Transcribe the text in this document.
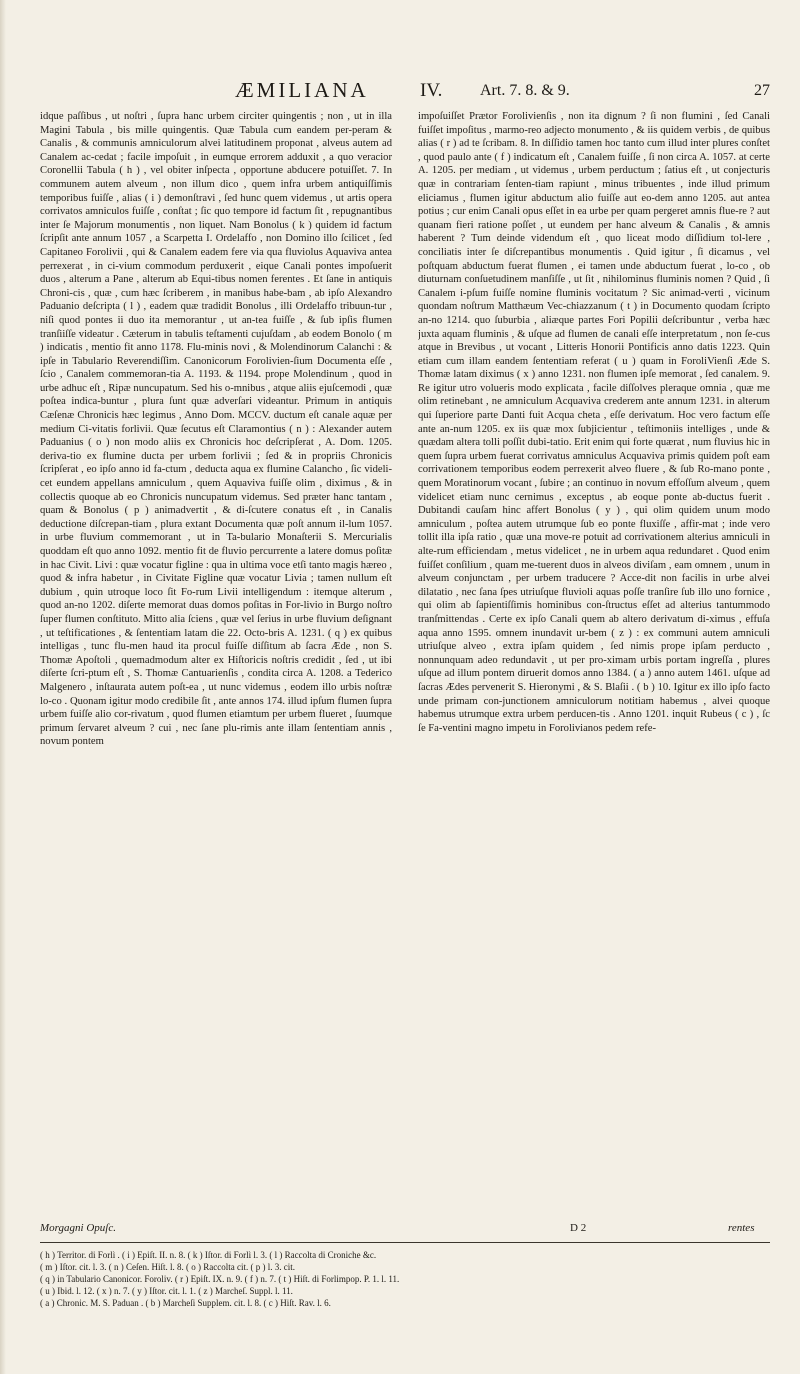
ÆMILIANA	IV. Art. 7. 8. & 9.	27

idque paſſibus , ut noſtri , ſupra hanc urbem circiter quingentis ; non , ut in illa Magini Tabula , bis mille quingentis. Quæ Tabula cum eandem per-peram & Canalis , & communis amniculorum alvei latitudinem proponat , alveus autem ad Canalem ac-cedat ; facile impoſuit , in eumque errorem adduxit , a quo veracior Coronellii Tabula ( h ) , vel obiter inſpecta , opportune abducere potuiſſet. 7. In communem autem alveum , non illum dico , quem infra urbem antiquiſſimis temporibus fuiſſe , alias ( i ) demonſtravi , ſed hunc quem videmus , ut artis opera corrivatos amniculos fuiſſe , conſtat ; ſic quo tempore id factum ſit , repugnantibus inter ſe Majorum monumentis , non liquet. Nam Bonolus ( k ) quidem id factum ſcripſit ante annum 1057 , a Scarpetta I. Ordelaffo , non Domino illo ſcilicet , ſed Capitaneo Forolivii , qui & Canalem eadem fere via qua fluviolus Aquaviva antea perrexerat , in ci-vium commodum perduxerit , eique Canali pontes impoſuerit duos , alterum a Pane , alterum ab Equi-tibus nomen ferentes . Et ſane in antiquis Chroni-cis , quæ , cum hæc ſcriberem , in manibus habe-bam , ab ipſo Alexandro Paduanio deſcripta ( l ) , eadem quæ tradidit Bonolus , illi Ordelaffo tribuun-tur , niſi quod pontes ii duo ita memorantur , ut an-tea fuiſſe , & ſub ipſis flumen tranſiiſſe videatur . Cæterum in tabulis teſtamenti cujuſdam , ab eodem Bonolo ( m ) indicatis , mentio fit anno 1178. Flu-minis novi , & Molendinorum Calanchi : & ipſe in Tabulario Reverendiſſim. Canonicorum Forolivien-ſium Documenta eſſe , ſcio , Canalem commemoran-tia A. 1193. & 1194. prope Molendinum , quod in urbe adhuc eſt , Ripæ nuncupatum. Sed his o-mnibus , atque aliis ejuſcemodi , quæ poſtea indica-buntur , plura ſunt quæ adverſari videantur. Primum in antiquis Cæſenæ Chronicis hæc legimus , Anno Dom. MCCV. ductum eſt canale aquæ per medium Ci-vitatis forlivii. Quæ ſecutus eſt Claramontius ( n ) : Alexander autem Paduanius ( o ) non modo aliis ex Chronicis hoc deſcripſerat , A. Dom. 1205. deriva-tio ex flumine ducta per urbem forlivii ; ſed & in propriis Chronicis ſcripſerat , eo ipſo anno id fa-ctum , deducta aqua ex flumine Calancho , ſic videli-cet eundem appellans amniculum , quem Aquaviva fuiſſe olim , diximus , & in collectis quoque ab eo Chronicis nuncupatum videmus. Sed præter hanc tantam , quam & Bonolus ( p ) animadvertit , & di-ſcutere conatus eſt , in Canalis deductione diſcrepan-tiam , plura extant Documenta quæ poſt annum il-lum 1057. in urbe fluvium commemorant , ut in Ta-bulario Monaſterii S. Mercurialis quoddam eſt quo anno 1092. mentio fit de fluvio percurrente a latere domus poſitæ in hac Civit. Livi : quæ vocatur figline : qua in ultima voce etſi tanto magis hæreo , quod & infra habetur , in Civitate Figline quæ vocatur Livia ; tamen nullum eſt dubium , quin utroque loco ſit Fo-rum Livii intelligendum : itemque alterum , quod an-no 1202. diſerte memorat duas domos poſitas in For-livio in Burgo noſtro ſuper flumen conſtituto. Mitto alia ſciens , quæ vel ſerius in urbe fluvium deſignant , ut teſtificationes , & ſententiam latam die 22. Octo-bris A. 1231. ( q ) ex quibus intelligas , tunc flu-men haud ita procul fuiſſe diſſitum ab ſacra Æde , non S. Thomæ Apoſtoli , quemadmodum alter ex Hiſtoricis noſtris credidit , ſed , ut ibi diſerte ſcri-ptum eſt , S. Thomæ Cantuarienſis , condita circa A. 1208. a Tederico Malgenero , inſtaurata autem poſt-ea , ut nunc videmus , eodem illo urbis noſtræ lo-co . Quonam igitur modo credibile ſit , ante annos 174. illud ipſum flumen ſupra urbem fuiſſe alio cor-rivatum , quod flumen etiamtum per urbem flueret , ſuumque primum ſervaret alveum ? cui , nec ſane plu-rimis ante illam ſententiam annis , novum pontem

impoſuiſſet Prætor Forolivienſis , non ita dignum ? ſi non flumini , ſed Canali fuiſſet impoſitus , marmo-reo adjecto monumento , & iis quidem verbis , de quibus alias ( r ) ad te ſcribam. 8. In diſſidio tamen hoc tanto cum illud inter plures conſtet , quod paulo ante ( f ) indicatum eſt , Canalem fuiſſe , ſi non circa A. 1057. at certe A. 1205. per mediam , ut videmus , urbem perductum ; ſatius eſt , ut conjecturis quæ in contrariam ſenten-tiam rapiunt , minus tribuentes , inde illud primum eliciamus , flumen igitur abductum alio fuiſſe aut eo-dem anno 1205. aut antea potius ; cur enim Canali opus eſſet in ea urbe per quam pergeret amnis flue-re ? aut quanam fieri ratione poſſet , ut eundem per hanc alveum & Canalis , & amnis haberent ? Tum deinde videndum eſt , quo liceat modo diſſidium tol-lere , conciliatis inter ſe diſcrepantibus monumentis . Quid igitur , ſi dicamus , vel poſtquam abductum fuerat flumen , ei tamen unde abductum fuerat , lo-co , ob diuturnam conſuetudinem manſiſſe , ut ſit , nihilominus fluminis nomen ? Quid , ſi Canalem i-pſum fuiſſe nomine fluminis vocitatum ? Sic animad-verti , vicinum quondam noſtrum Matthæum Vec-chiazzanum ( t ) in Documento quodam ſcripto an-no 1214. quo ſuburbia , aliæque partes Fori Popilii deſcribuntur , verba hæc juxta aquam fluminis , & uſque ad flumen de canali eſſe interpretatum , non ſe-cus atque in Brevibus , ut vocant , Litteris Honorii Pontificis anno datis 1223. Quin etiam cum illam eandem ſententiam referat ( u ) quam in ForoliVienſi Æde S. Thomæ latam diximus ( x ) anno 1231. non flumen ipſe memorat , ſed canalem. 9. Re igitur utro volueris modo explicata , facile diſſolves pleraque omnia , quæ me olim retinebant , ne amniculum Acquaviva crederem ante annum 1231. in alterum qui ſuperiore parte Danti fuit Acqua cheta , eſſe derivatum. Hoc vero factum eſſe ante an-num 1205. ex iis quæ mox ſubjicientur , teſtimoniis intelliges , unde & quædam altera tolli poſſit dubi-tatio. Erit enim qui forte quærat , num fluvius hic in quem ſupra urbem fuerat corrivatus amniculus Acquaviva primis quidem poſt eam corrivationem temporibus eodem perrexerit alveo fluere , & ſub Ro-mano ponte , quem Moratinorum vocant , ſubire ; an continuo in novum effoſſum alveum , quem videlicet etiam nunc cernimus , exceptus , ab eoque ponte ab-ductus fuerit . Dubitandi cauſam hinc affert Bonolus ( y ) , qui olim quidem unum modo amniculum , poſtea autem utrumque ſub eo ponte fluxiſſe , affir-mat ; inde vero tollit illa ipſa ratio , quæ una move-re potuit ad corrivationem alterius amniculi in alte-rum efficiendam , metus videlicet , ne in urbem aqua redundaret . Quod enim fuiſſet conſilium , quam me-tuerent duos in alveos diviſam , eam omnem , unum in alveum conjunctam , per urbem traducere ? Acce-dit non facilis in urbe alvei dilatatio , nec ſana ſpes utriuſque fluvioli aquas poſſe tranſire ſub illo uno fornice , qui olim ab ſapientiſſimis hominibus con-ſtructus eſſet ad alterius tantummodo tranſmittendas . Certe ex ipſo Canali quem ab altero derivatum di-ximus , effuſa aqua anno 1595. omnem inundavit ur-bem ( z ) : ex communi autem amniculi utriuſque alveo , extra ipſam quidem , ſed nimis prope ipſam perducto , nonnunquam adeo redundavit , ut per pro-ximam urbis portam ingreſſa , plures uſque ad illum pontem diruerit domos anno 1384. ( a ) anno autem 1461. uſque ad ſacras Ædes pervenerit S. Hieronymi , & S. Blaſii . ( b ) 10. Igitur ex illo ipſo facto unde primam con-junctionem amniculorum notitiam habemus , alvei quoque habemus utrumque extra urbem perducen-tis . Anno 1201. inquit Rubeus ( c ) , ſc ſe Fa-ventini magno impetu in Forolivianos pedem refe-

Morgagni Opuſc.	D 2	rentes
( h ) Territor. di Forlì . ( i ) Epiſt. II. n. 8. ( k ) Iſtor. di Forlì l. 3. ( l ) Raccolta di Croniche &c.
( m ) Iſtor. cit. l. 3. ( n ) Ceſen. Hiſt. l. 8. ( o ) Raccolta cit. ( p ) l. 3. cit.
( q ) in Tabulario Canonicor. Foroliv. ( r ) Epiſt. IX. n. 9. ( f ) n. 7. ( t ) Hiſt. di Forlimpop. P. 1. l. 11.
( u ) Ibid. l. 12. ( x ) n. 7. ( y ) Iſtor. cit. l. 1. ( z ) Marcheſ. Suppl. l. 11.
( a ) Chronic. M. S. Paduan . ( b ) Marcheſi Supplem. cit. l. 8. ( c ) Hiſt. Rav. l. 6.
